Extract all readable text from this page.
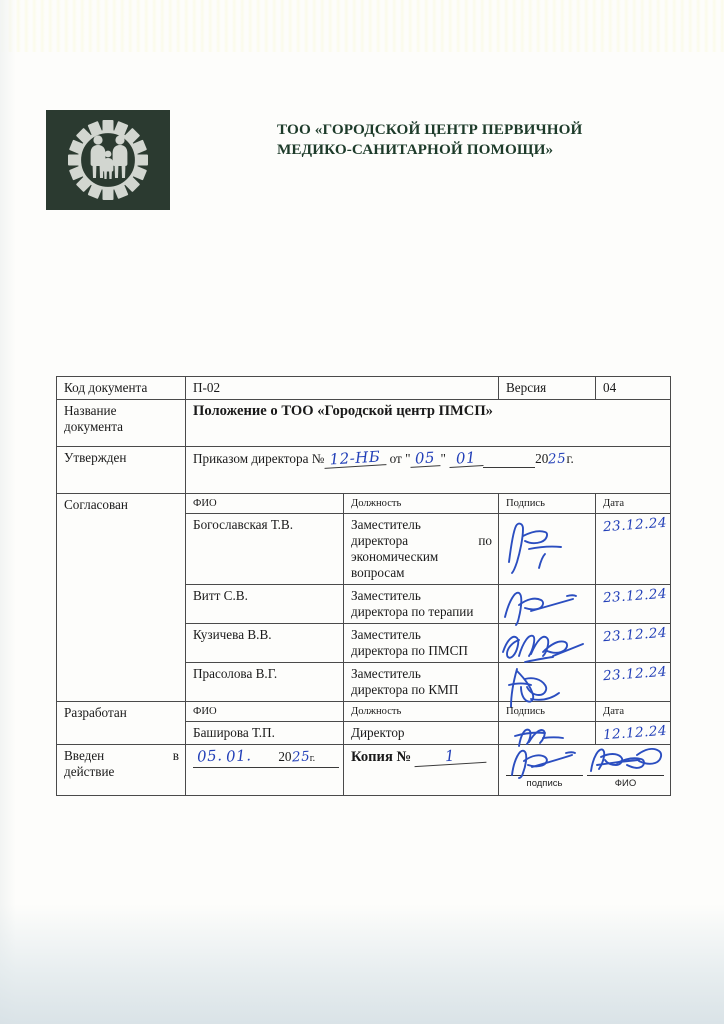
ТОО «ГОРОДСКОЙ ЦЕНТР ПЕРВИЧНОЙ
МЕДИКО-САНИТАРНОЙ ПОМОЩИ»
Код документа	П-02		Версия	04

Название
документа	Положение о ТОО «Городской центр ПМСП»			
Утвержден	Приказом директора № 12-НБ от " 05 " 01 2025г.			
Согласован	ФИО	Должность	Подпись	Дата
	Богославская Т.В.	Заместитель
директора по
экономическим
вопросам		23.12.24
	Витт С.В.	Заместитель
директора по терапии		23.12.24
	Кузичева В.В.	Заместитель
директора по ПМСП		23.12.24
	Прасолова В.Г.	Заместитель
директора по КМП		23.12.24
Разработан	ФИО	Должность	Подпись	Дата
	Баширова Т.П.	Директор		12.12.24

Введен	в
действие
	05. 01. 2025г.	Копия № 1	
подпись	ФИО
